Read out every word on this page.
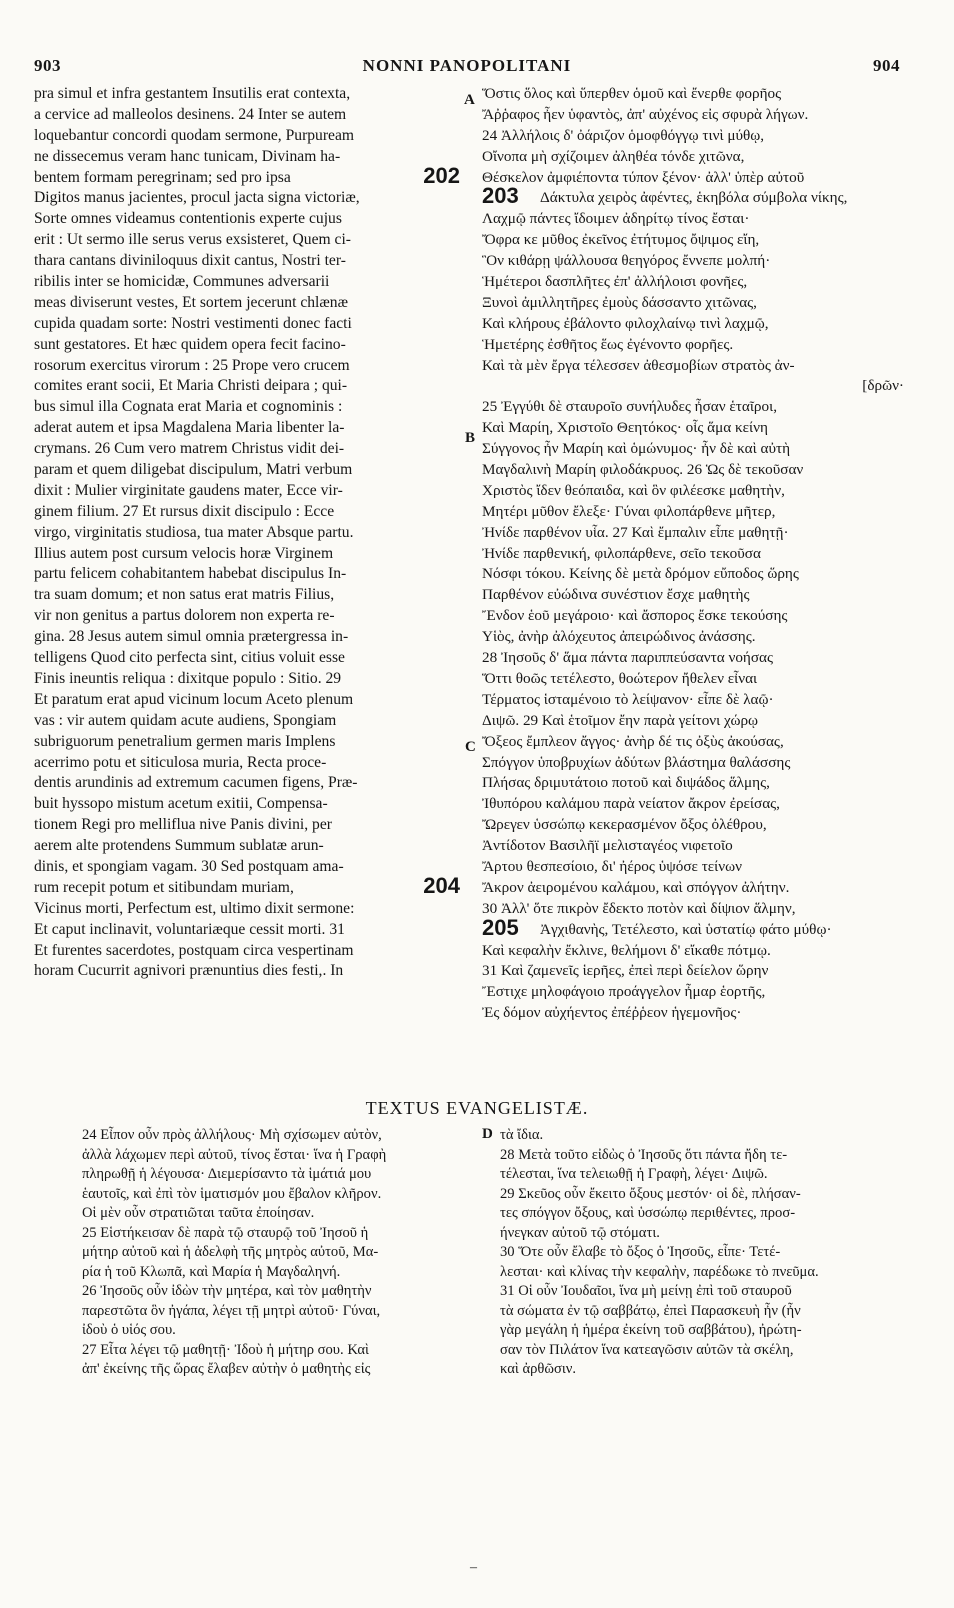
903	NONNI PANOPOLITANI	904
pra simul et infra gestantem Insutilis erat contexta,
a cervice ad malleolos desinens. 24 Inter se autem
loquebantur concordi quodam sermone, Purpuream
ne dissecemus veram hanc tunicam, Divinam ha-
bentem formam peregrinam; sed pro ipsa	202
Digitos manus jacientes, procul jacta signa victoriæ,
Sorte omnes videamus contentionis experte cujus
erit : Ut sermo ille serus verus exsisteret, Quem ci-
thara cantans diviniloquus dixit cantus, Nostri ter-
ribilis inter se homicidæ, Communes adversarii
meas diviserunt vestes, Et sortem jecerunt chlænæ
cupida quadam sorte: Nostri vestimenti donec facti
sunt gestatores. Et hæc quidem opera fecit facino-
rosorum exercitus virorum : 25 Prope vero crucem
comites erant socii, Et Maria Christi deipara ; qui-
bus simul illa Cognata erat Maria et cognominis :
aderat autem et ipsa Magdalena Maria libenter la-
crymans. 26 Cum vero matrem Christus vidit dei-
param et quem diligebat discipulum, Matri verbum
dixit : Mulier virginitate gaudens mater, Ecce vir-
ginem filium. 27 Et rursus dixit discipulo : Ecce
virgo, virginitatis studiosa, tua mater Absque partu.
Illius autem post cursum velocis horæ Virginem
partu felicem cohabitantem habebat discipulus In-
tra suam domum; et non satus erat matris Filius,
vir non genitus a partus dolorem non experta re-
gina. 28 Jesus autem simul omnia prætergressa in-
telligens Quod cito perfecta sint, citius voluit esse
Finis ineuntis reliqua : dixitque populo : Sitio. 29
Et paratum erat apud vicinum locum Aceto plenum
vas : vir autem quidam acute audiens, Spongiam
subriguorum penetralium germen maris Implens
acerrimo potu et siticulosa muria, Recta proce-
dentis arundinis ad extremum cacumen figens, Præ-
buit hyssopo mistum acetum exitii, Compensa-
tionem Regi pro mellіflua nive Panis divini, per
aerem alte protendens Summum sublatæ arun-
dinis, et spongiam vagam. 30 Sed postquam ama-
rum recepit potum et sitibundam muriam,	204
Vicinus morti, Perfectum est, ultimo dixit sermone:
Et caput inclinavit, voluntariæque cessit morti. 31
Et furentes sacerdotes, postquam circa vespertinam
horam Cucurrit agnivori prænuntius dies festi,. In
Ὅστις ὅλος καὶ ὕπερθεν ὁμοῦ καὶ ἔνερθε φορῆος
Ἄῤῥαφος ἦεν ὑφαντὸς, ἀπ' αὐχένος εἰς σφυρὰ λήγων.
24 Ἀλλήλοις δ' ὀάριζον ὁμοφθόγγῳ τινὶ μύθῳ,
Οἴνοπα μὴ σχίζοιμεν ἀληθέα τόνδε χιτῶνα,
Θέσκελον ἀμφιέποντα τύπον ξένον· ἀλλ' ὑπὲρ αὐτοῦ
Δάκτυλα χειρὸς ἀφέντες, ἑκηβόλα σύμβολα νίκης,
203
Λαχμῷ πάντες ἴδοιμεν ἀδηρίτῳ τίνος ἔσται·
Ὄφρα κε μῦθος ἐκεῖνος ἐτήτυμος ὄψιμος εἴη,
Ὃν κιθάρῃ ψάλλουσα θεηγόρος ἔννεπε μολπή·
Ἡμέτεροι δασπλῆτες ἐπ' ἀλλήλοισι φονῆες,
Ξυνοὶ ἀμιλλητῆρες ἐμοὺς δάσσαντο χιτῶνας,
Καὶ κλήρους ἐβάλοντο φιλοχλαίνῳ τινὶ λαχμῷ,
Ἡμετέρης ἐσθῆτος ἕως ἐγένοντο φορῆες.
Καὶ τὰ μὲν ἔργα τέλεσσεν ἀθεσμοβίων στρατὸς ἀν-
[δρῶν·
25 Ἐγγύθι δὲ σταυροῖο συνήλυδες ἦσαν ἑταῖροι,
Καὶ Μαρίη, Χριστοῖο Θεητόκος· οἷς ἅμα κείνη
Σύγγονος ἦν Μαρίη καὶ ὁμώνυμος· ἦν δὲ καὶ αὐτὴ
Μαγδαλινὴ Μαρίη φιλοδάκρυος. 26 Ὡς δὲ τεκοῦσαν
Χριστὸς ἴδεν θεόπαιδα, καὶ ὃν φιλέεσκε μαθητὴν,
Μητέρι μῦθον ἔλεξε· Γύναι φιλοπάρθενε μῆτερ,
Ἠνίδε παρθένον υἷα. 27 Καὶ ἔμπαλιν εἶπε μαθητῇ·
Ἠνίδε παρθενική, φιλοπάρθενε, σεῖο τεκοῦσα
Νόσφι τόκου. Κείνης δὲ μετὰ δρόμον εὔποδος ὥρης
Παρθένον εὐώδινα συνέστιον ἔσχε μαθητὴς
Ἔνδον ἑοῦ μεγάροιο· καὶ ἄσπορος ἔσκε τεκούσης
Υἱὸς, ἀνὴρ ἀλόχευτος ἀπειρώδινος ἀνάσσης.
28 Ἰησοῦς δ' ἅμα πάντα παριππεύσαντα νοήσας
Ὅττι θοῶς τετέλεστο, θοώτερον ἤθελεν εἶναι
Τέρματος ἱσταμένοιο τὸ λείψανον· εἶπε δὲ λαῷ·
Διψῶ. 29 Καὶ ἑτοῖμον ἔην παρὰ γείτονι χώρῳ
Ὄξεος ἔμπλεον ἄγγος· ἀνὴρ δέ τις ὀξὺς ἀκούσας,
Σπόγγον ὑποβρυχίων ἀδύτων βλάστημα θαλάσσης
Πλήσας δριμυτάτοιο ποτοῦ καὶ διψάδος ἅλμης,
Ἰθυπόρου καλάμου παρὰ νείατον ἄκρον ἐρείσας,
Ὤρεγεν ὑσσώπῳ κεκερασμένον ὄξος ὀλέθρου,
Ἀντίδοτον Βασιλῆϊ μελισταγέος νιφετοῖο
Ἄρτου θεσπεσίοιο, δι' ἠέρος ὑψόσε τείνων
Ἄκρον ἀειρομένου καλάμου, καὶ σπόγγον ἀλήτην.
30 Ἀλλ' ὅτε πικρὸν ἔδεκτο ποτὸν καὶ δίψιον ἅλμην,
Ἀγχιθανὴς, Τετέλεστο, καὶ ὑστατίῳ φάτο μύθῳ·
205
Καὶ κεφαλὴν ἔκλινε, θελήμονι δ' εἴκαθε πότμῳ.
31 Καὶ ζαμενεῖς ἱερῆες, ἐπεὶ περὶ δείελον ὥρην
Ἔστιχε μηλοφάγοιο προάγγελον ἦμαρ ἑορτῆς,
Ἐς δόμον αὐχήεντος ἐπέῤῥεον ἡγεμονῆος·
A
B
C
D
TEXTUS EVANGELISTÆ.
24 Εἶπον οὖν πρὸς ἀλλήλους· Μὴ σχίσωμεν αὐτὸν,
ἀλλὰ λάχωμεν περὶ αὐτοῦ, τίνος ἔσται· ἵνα ἡ Γραφὴ
πληρωθῇ ἡ λέγουσα· Διεμερίσαντο τὰ ἱμάτιά μου
ἑαυτοῖς, καὶ ἐπὶ τὸν ἱματισμόν μου ἔβαλον κλῆρον.
Οἱ μὲν οὖν στρατιῶται ταῦτα ἐποίησαν.
25 Εἱστήκεισαν δὲ παρὰ τῷ σταυρῷ τοῦ Ἰησοῦ ἡ
μήτηρ αὐτοῦ καὶ ἡ ἀδελφὴ τῆς μητρὸς αὐτοῦ, Μα-
ρία ἡ τοῦ Κλωπᾶ, καὶ Μαρία ἡ Μαγδαληνή.
26 Ἰησοῦς οὖν ἰδὼν τὴν μητέρα, καὶ τὸν μαθητὴν
παρεστῶτα ὃν ἠγάπα, λέγει τῇ μητρὶ αὐτοῦ· Γύναι,
ἰδοὺ ὁ υἱός σου.
27 Εἶτα λέγει τῷ μαθητῇ· Ἰδοὺ ἡ μήτηρ σου. Καὶ
ἀπ' ἐκείνης τῆς ὥρας ἔλαβεν αὐτὴν ὁ μαθητὴς εἰς
τὰ ἴδια.
28 Μετὰ τοῦτο εἰδὼς ὁ Ἰησοῦς ὅτι πάντα ἤδη τε-
τέλεσται, ἵνα τελειωθῇ ἡ Γραφὴ, λέγει· Διψῶ.
29 Σκεῦος οὖν ἔκειτο ὄξους μεστόν· οἱ δὲ, πλήσαν-
τες σπόγγον ὄξους, καὶ ὑσσώπῳ περιθέντες, προσ-
ήνεγκαν αὐτοῦ τῷ στόματι.
30 Ὅτε οὖν ἔλαβε τὸ ὄξος ὁ Ἰησοῦς, εἶπε· Τετέ-
λεσται· καὶ κλίνας τὴν κεφαλὴν, παρέδωκε τὸ πνεῦμα.
31 Οἱ οὖν Ἰουδαῖοι, ἵνα μὴ μείνῃ ἐπὶ τοῦ σταυροῦ
τὰ σώματα ἐν τῷ σαββάτῳ, ἐπεὶ Παρασκευὴ ἦν (ἦν
γὰρ μεγάλη ἡ ἡμέρα ἐκείνη τοῦ σαββάτου), ἠρώτη-
σαν τὸν Πιλάτον ἵνα κατεαγῶσιν αὐτῶν τὰ σκέλη,
καὶ ἀρθῶσιν.
–
